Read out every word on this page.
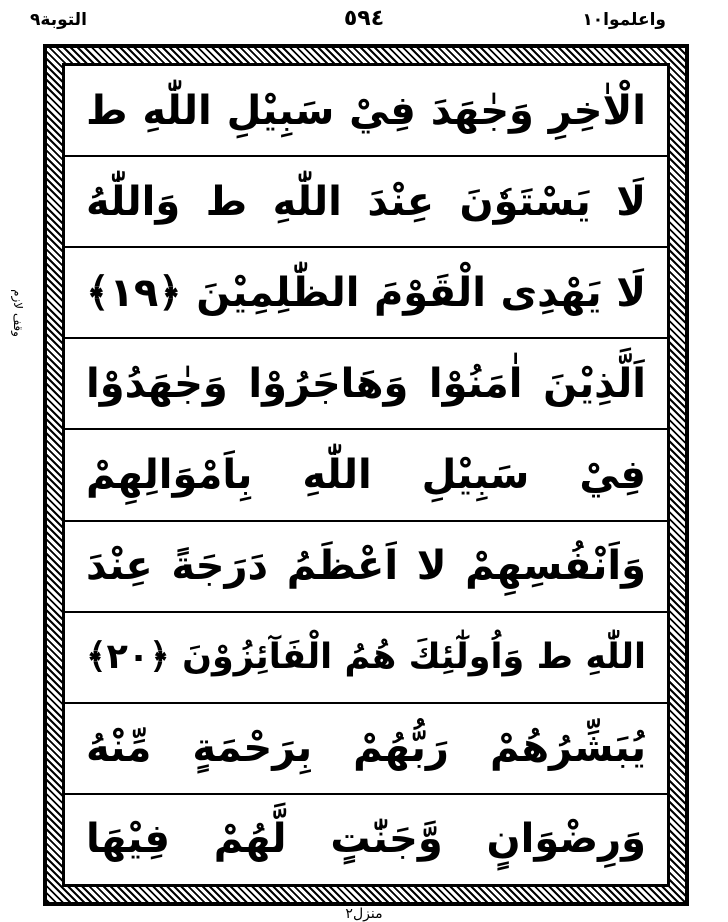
التوبة٩	٥٩٤	واعلموا١٠
وقف لازم
الْاٰخِرِ وَجٰهَدَ فِيْ سَبِيْلِ اللّٰهِ ط
لَا يَسْتَوٗنَ عِنْدَ اللّٰهِ ط وَاللّٰهُ
لَا يَهْدِى الْقَوْمَ الظّٰلِمِيْنَ ﴿١٩﴾
اَلَّذِيْنَ اٰمَنُوْا وَهَاجَرُوْا وَجٰهَدُوْا
فِيْ سَبِيْلِ اللّٰهِ بِاَمْوَالِهِمْ
وَاَنْفُسِهِمْ لا اَعْظَمُ دَرَجَةً عِنْدَ
اللّٰهِ ط وَاُولٰٓئِكَ هُمُ الْفَآئِزُوْنَ ﴿٢٠﴾
يُبَشِّرُهُمْ رَبُّهُمْ بِرَحْمَةٍ مِّنْهُ
وَرِضْوَانٍ وَّجَنّٰتٍ لَّهُمْ فِيْهَا
منزل٢
